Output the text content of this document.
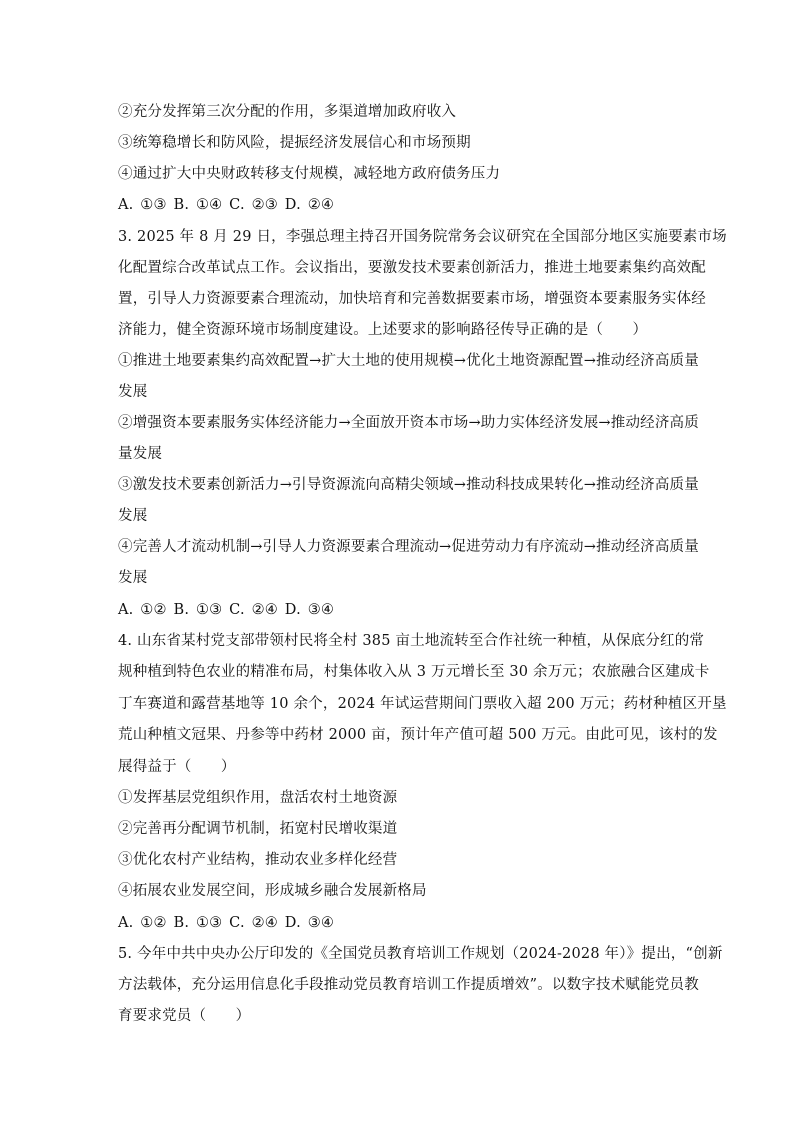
②充分发挥第三次分配的作用，多渠道增加政府收入
③统筹稳增长和防风险，提振经济发展信心和市场预期
④通过扩大中央财政转移支付规模，减轻地方政府债务压力
A. ①③ B. ①④ C. ②③ D. ②④
3. 2025 年 8 月 29 日，李强总理主持召开国务院常务会议研究在全国部分地区实施要素市场
化配置综合改革试点工作。会议指出，要激发技术要素创新活力，推进土地要素集约高效配
置，引导人力资源要素合理流动，加快培育和完善数据要素市场，增强资本要素服务实体经
济能力，健全资源环境市场制度建设。上述要求的影响路径传导正确的是（　　）
①推进土地要素集约高效配置→扩大土地的使用规模→优化土地资源配置→推动经济高质量
发展
②增强资本要素服务实体经济能力→全面放开资本市场→助力实体经济发展→推动经济高质
量发展
③激发技术要素创新活力→引导资源流向高精尖领域→推动科技成果转化→推动经济高质量
发展
④完善人才流动机制→引导人力资源要素合理流动→促进劳动力有序流动→推动经济高质量
发展
A. ①② B. ①③ C. ②④ D. ③④
4. 山东省某村党支部带领村民将全村 385 亩土地流转至合作社统一种植，从保底分红的常
规种植到特色农业的精准布局，村集体收入从 3 万元增长至 30 余万元；农旅融合区建成卡
丁车赛道和露营基地等 10 余个，2024 年试运营期间门票收入超 200 万元；药材种植区开垦
荒山种植文冠果、丹参等中药材 2000 亩，预计年产值可超 500 万元。由此可见，该村的发
展得益于（　　）
①发挥基层党组织作用，盘活农村土地资源
②完善再分配调节机制，拓宽村民增收渠道
③优化农村产业结构，推动农业多样化经营
④拓展农业发展空间，形成城乡融合发展新格局
A. ①② B. ①③ C. ②④ D. ③④
5. 今年中共中央办公厅印发的《全国党员教育培训工作规划（2024-2028 年）》提出，“创新
方法载体，充分运用信息化手段推动党员教育培训工作提质增效”。以数字技术赋能党员教
育要求党员（　　）
